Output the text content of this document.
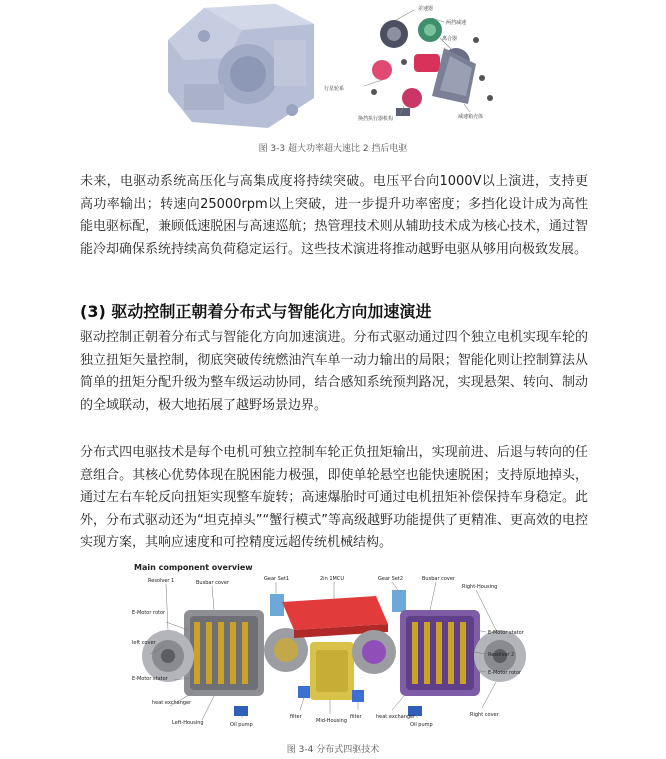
差速器
两挡减速
离合器
行星轮系
换挡执行器机构	减速箱壳体
图 3-3 超大功率超大速比 2 挡后电驱

未来，电驱动系统高压化与高集成度将持续突破。电压平台向1000V以上演进，支持更高功率输出；转速向25000rpm以上突破，进一步提升功率密度；多挡化设计成为高性能电驱标配，兼顾低速脱困与高速巡航；热管理技术则从辅助技术成为核心技术，通过智能冷却确保系统持续高负荷稳定运行。这些技术演进将推动越野电驱从够用向极致发展。

(3) 驱动控制正朝着分布式与智能化方向加速演进

驱动控制正朝着分布式与智能化方向加速演进。分布式驱动通过四个独立电机实现车轮的独立扭矩矢量控制，彻底突破传统燃油汽车单一动力输出的局限；智能化则让控制算法从简单的扭矩分配升级为整车级运动协同，结合感知系统预判路况，实现悬架、转向、制动的全域联动，极大地拓展了越野场景边界。

分布式四电驱技术是每个电机可独立控制车轮正负扭矩输出，实现前进、后退与转向的任意组合。其核心优势体现在脱困能力极强，即使单轮悬空也能快速脱困；支持原地掉头，通过左右车轮反向扭矩实现整车旋转；高速爆胎时可通过电机扭矩补偿保持车身稳定。此外，分布式驱动还为“坦克掉头”“蟹行模式”等高级越野功能提供了更精准、更高效的电控实现方案，其响应速度和可控精度远超传统机械结构。

Main component overview
Resolver 1	Busbar cover
Gear Set1	2in 1MCU	Gear Set2	Busbar cover
Right-Housing
E-Motor rotor
left cover
E-Motor stator
heat exchanger
Left-Housing	Oil pump
filter
Mid-Housing
filter	heat exchanger
Oil pump
Right cover
E-Motor stator
Resolver 2
E-Motor rotor
图 3-4 分布式四驱技术
